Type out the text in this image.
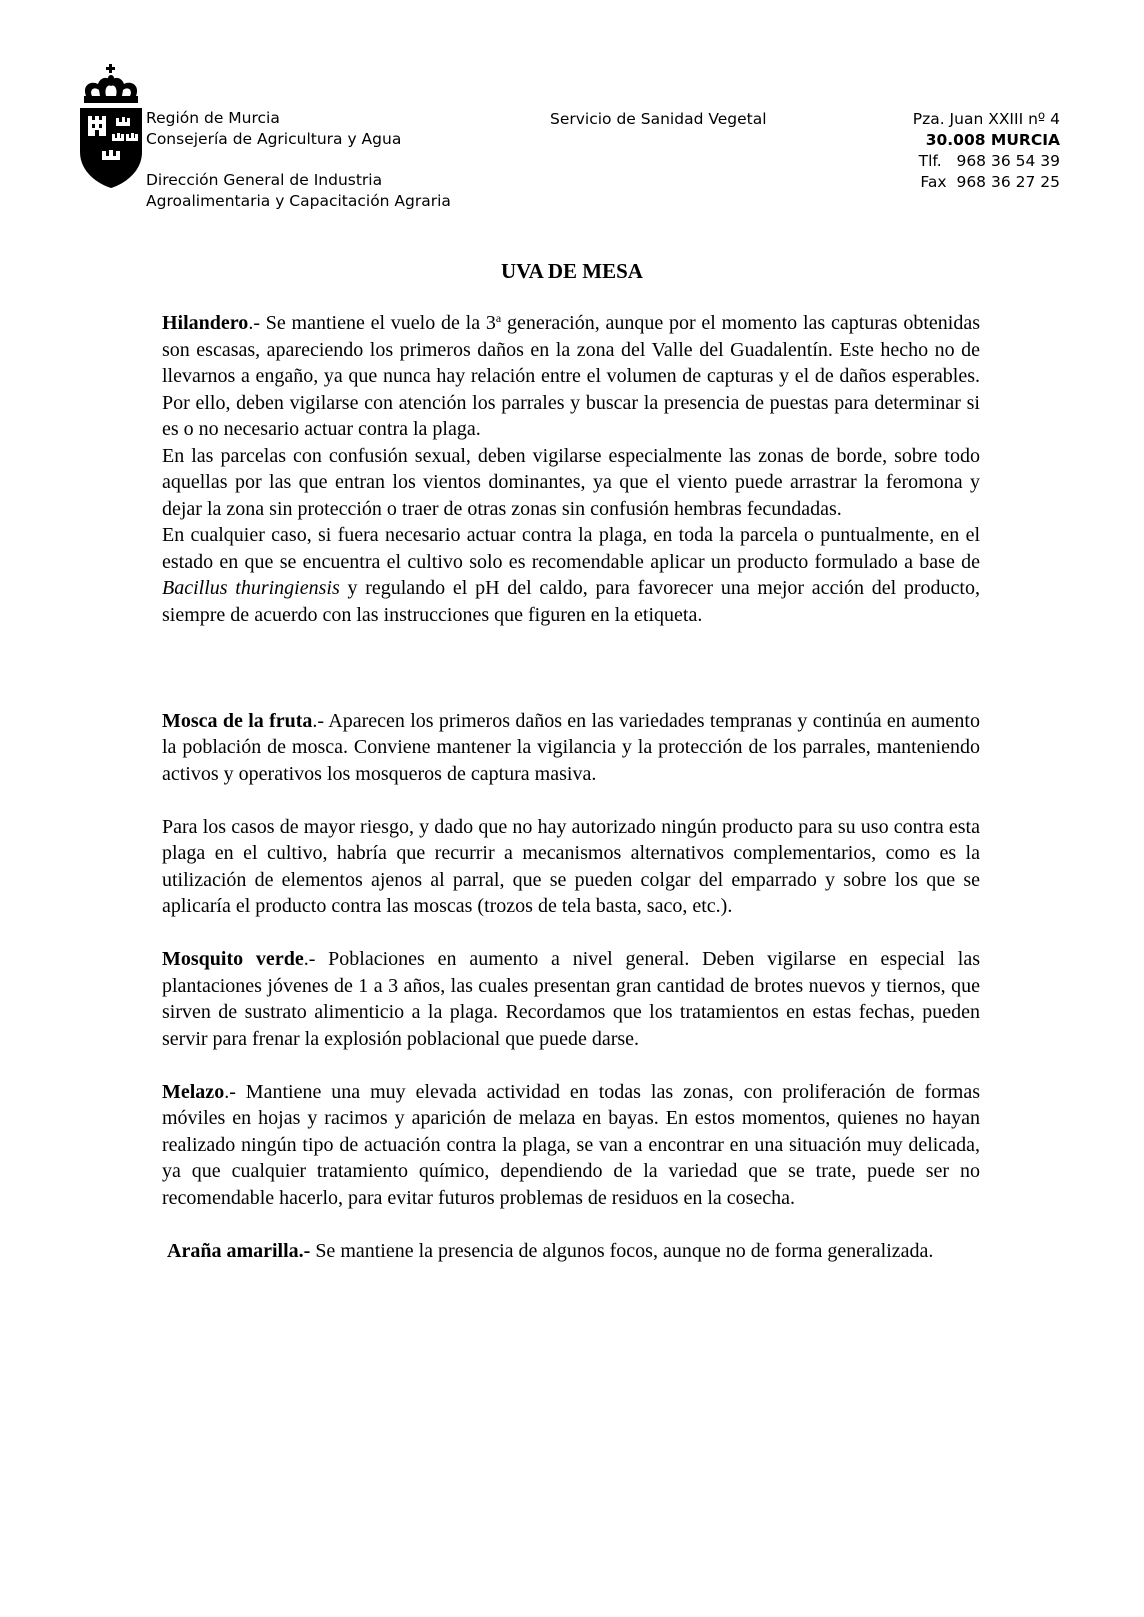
Región de Murcia
Consejería de Agricultura y Agua
Dirección General de Industria
Agroalimentaria y Capacitación Agraria
Servicio de Sanidad Vegetal	Pza. Juan XXIII nº 4
30.008 MURCIA
Tlf. 968 36 54 39
Fax 968 36 27 25
UVA DE MESA

Hilandero.- Se mantiene el vuelo de la 3$^a$ generación, aunque por el momento las capturas obtenidas son escasas, apareciendo los primeros daños en la zona del Valle del Guadalentín. Este hecho no de llevarnos a engaño, ya que nunca hay relación entre el volumen de capturas y el de daños esperables. Por ello, deben vigilarse con atención los parrales y buscar la presencia de puestas para determinar si es o no necesario actuar contra la plaga.

En las parcelas con confusión sexual, deben vigilarse especialmente las zonas de borde, sobre todo aquellas por las que entran los vientos dominantes, ya que el viento puede arrastrar la feromona y dejar la zona sin protección o traer de otras zonas sin confusión hembras fecundadas.

En cualquier caso, si fuera necesario actuar contra la plaga, en toda la parcela o puntualmente, en el estado en que se encuentra el cultivo solo es recomendable aplicar un producto formulado a base de Bacillus thuringiensis y regulando el pH del caldo, para favorecer una mejor acción del producto, siempre de acuerdo con las instrucciones que figuren en la etiqueta.

Mosca de la fruta.- Aparecen los primeros daños en las variedades tempranas y continúa en aumento la población de mosca. Conviene mantener la vigilancia y la protección de los parrales, manteniendo activos y operativos los mosqueros de captura masiva.

Para los casos de mayor riesgo, y dado que no hay autorizado ningún producto para su uso contra esta plaga en el cultivo, habría que recurrir a mecanismos alternativos complementarios, como es la utilización de elementos ajenos al parral, que se pueden colgar del emparrado y sobre los que se aplicaría el producto contra las moscas (trozos de tela basta, saco, etc.).

Mosquito verde.- Poblaciones en aumento a nivel general. Deben vigilarse en especial las plantaciones jóvenes de 1 a 3 años, las cuales presentan gran cantidad de brotes nuevos y tiernos, que sirven de sustrato alimenticio a la plaga. Recordamos que los tratamientos en estas fechas, pueden servir para frenar la explosión poblacional que puede darse.

Melazo.- Mantiene una muy elevada actividad en todas las zonas, con proliferación de formas móviles en hojas y racimos y aparición de melaza en bayas. En estos momentos, quienes no hayan realizado ningún tipo de actuación contra la plaga, se van a encontrar en una situación muy delicada, ya que cualquier tratamiento químico, dependiendo de la variedad que se trate, puede ser no recomendable hacerlo, para evitar futuros problemas de residuos en la cosecha.

Araña amarilla.- Se mantiene la presencia de algunos focos, aunque no de forma generalizada.
